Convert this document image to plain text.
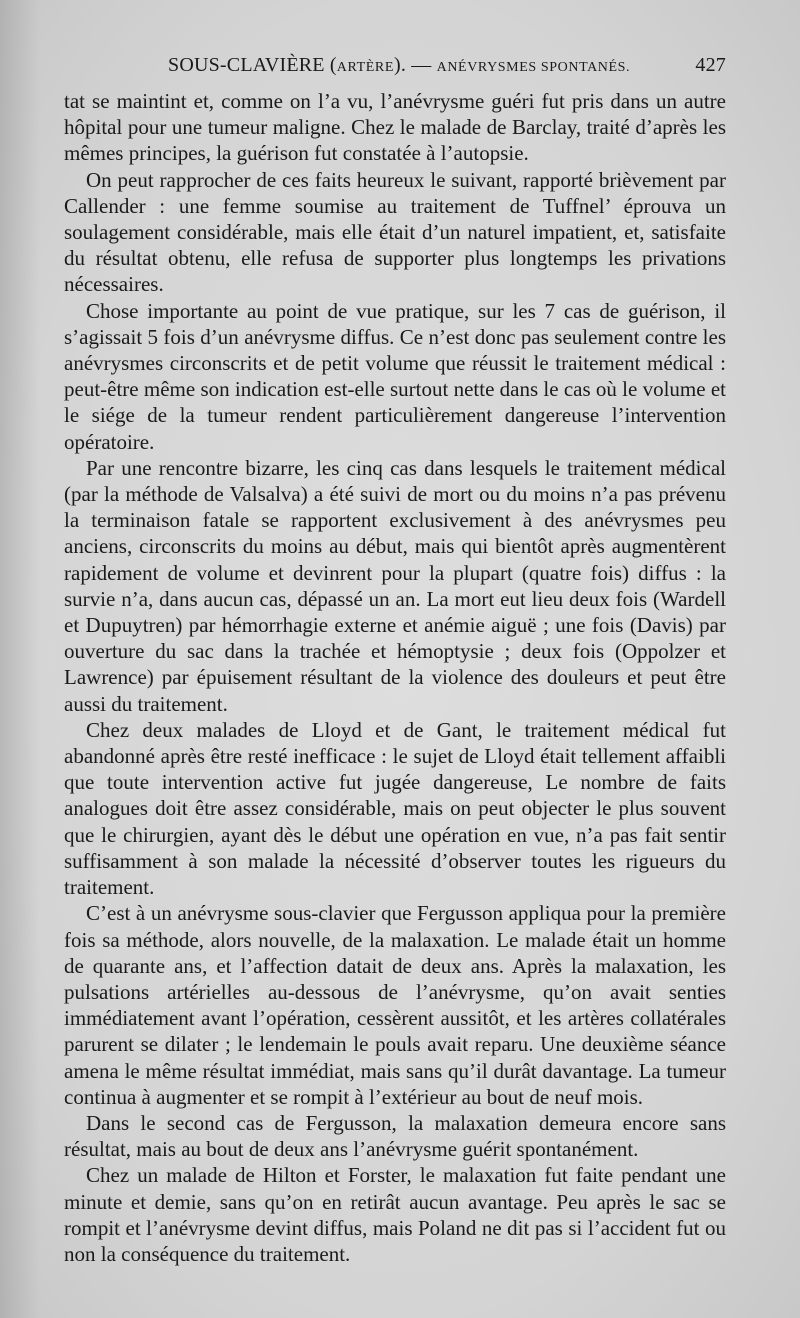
SOUS-CLAVIÈRE (ARTÈRE). — ANÉVRYSMES SPONTANÉS.	427

tat se maintint et, comme on l’a vu, l’anévrysme guéri fut pris dans un autre hôpital pour une tumeur maligne. Chez le malade de Barclay, traité d’après les mêmes principes, la guérison fut constatée à l’autopsie.

On peut rapprocher de ces faits heureux le suivant, rapporté brièvement par Callender : une femme soumise au traitement de Tuffnel’ éprouva un soulagement considérable, mais elle était d’un naturel impatient, et, satisfaite du résultat obtenu, elle refusa de supporter plus longtemps les privations nécessaires.

Chose importante au point de vue pratique, sur les 7 cas de guérison, il s’agissait 5 fois d’un anévrysme diffus. Ce n’est donc pas seulement contre les anévrysmes circonscrits et de petit volume que réussit le traitement médical : peut-être même son indication est-elle surtout nette dans le cas où le volume et le siége de la tumeur rendent particulièrement dangereuse l’intervention opératoire.

Par une rencontre bizarre, les cinq cas dans lesquels le traitement médical (par la méthode de Valsalva) a été suivi de mort ou du moins n’a pas prévenu la terminaison fatale se rapportent exclusivement à des anévrysmes peu anciens, circonscrits du moins au début, mais qui bientôt après augmentèrent rapidement de volume et devinrent pour la plupart (quatre fois) diffus : la survie n’a, dans aucun cas, dépassé un an. La mort eut lieu deux fois (Wardell et Dupuytren) par hémorrhagie externe et anémie aiguë ; une fois (Davis) par ouverture du sac dans la trachée et hémoptysie ; deux fois (Oppolzer et Lawrence) par épuisement résultant de la violence des douleurs et peut être aussi du traitement.

Chez deux malades de Lloyd et de Gant, le traitement médical fut abandonné après être resté inefficace : le sujet de Lloyd était tellement affaibli que toute intervention active fut jugée dangereuse, Le nombre de faits analogues doit être assez considérable, mais on peut objecter le plus souvent que le chirurgien, ayant dès le début une opération en vue, n’a pas fait sentir suffisamment à son malade la nécessité d’observer toutes les rigueurs du traitement.

C’est à un anévrysme sous-clavier que Fergusson appliqua pour la première fois sa méthode, alors nouvelle, de la malaxation. Le malade était un homme de quarante ans, et l’affection datait de deux ans. Après la malaxation, les pulsations artérielles au-dessous de l’anévrysme, qu’on avait senties immédiatement avant l’opération, cessèrent aussitôt, et les artères collatérales parurent se dilater ; le lendemain le pouls avait reparu. Une deuxième séance amena le même résultat immédiat, mais sans qu’il durât davantage. La tumeur continua à augmenter et se rompit à l’extérieur au bout de neuf mois.

Dans le second cas de Fergusson, la malaxation demeura encore sans résultat, mais au bout de deux ans l’anévrysme guérit spontanément.

Chez un malade de Hilton et Forster, le malaxation fut faite pendant une minute et demie, sans qu’on en retirât aucun avantage. Peu après le sac se rompit et l’anévrysme devint diffus, mais Poland ne dit pas si l’accident fut ou non la conséquence du traitement.
